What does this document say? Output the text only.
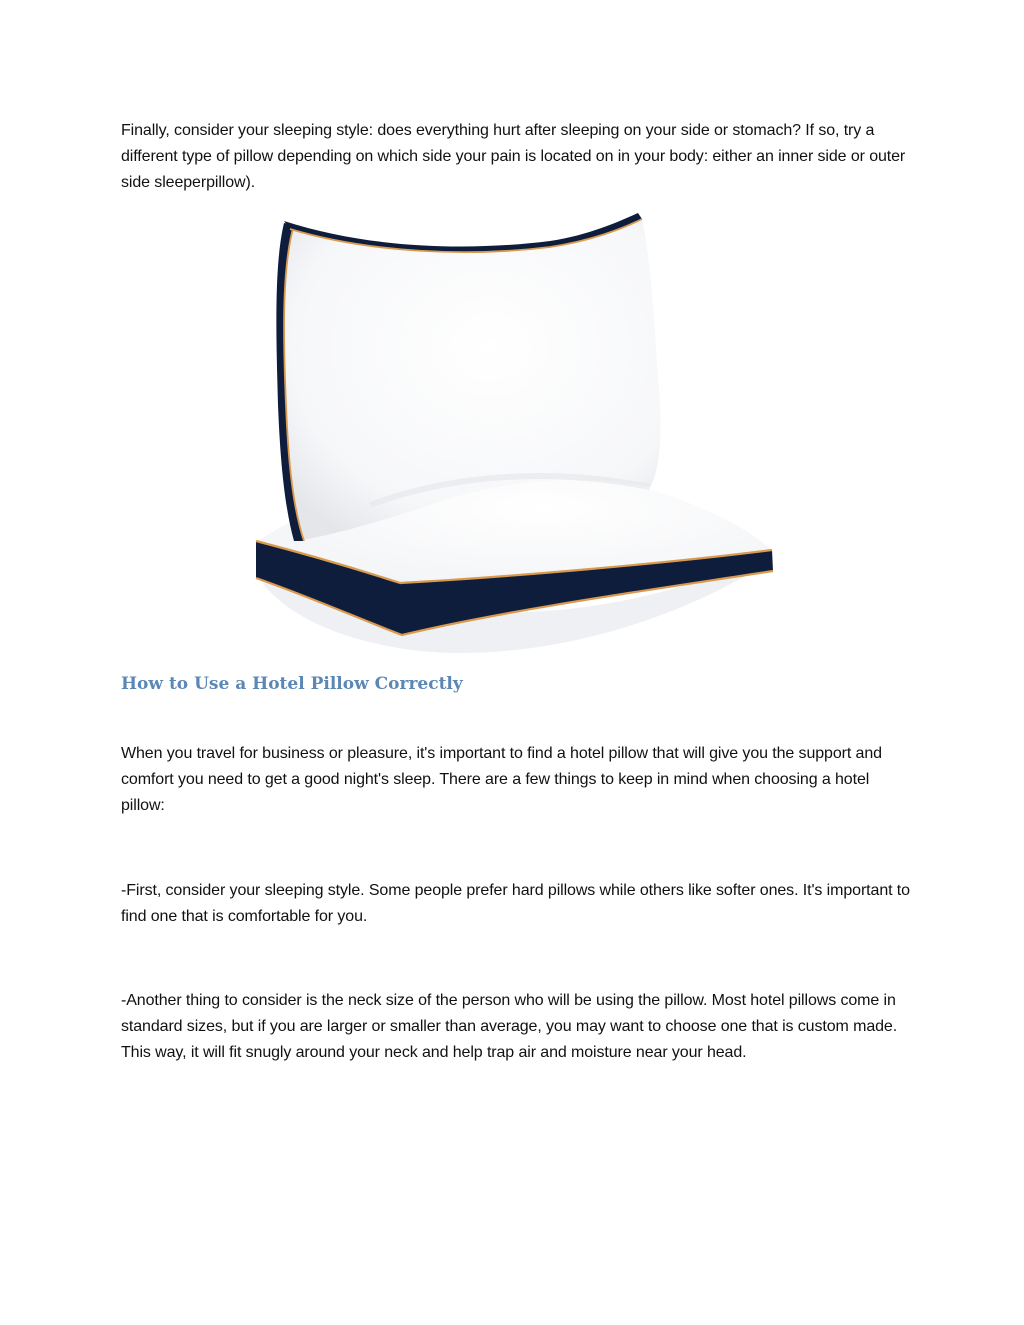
Finally, consider your sleeping style: does everything hurt after sleeping on your side or stomach? If so, try a different type of pillow depending on which side your pain is located on in your body: either an inner side or outer side sleeperpillow).

How to Use a Hotel Pillow Correctly

When you travel for business or pleasure, it's important to find a hotel pillow that will give you the support and comfort you need to get a good night's sleep. There are a few things to keep in mind when choosing a hotel pillow:

-First, consider your sleeping style. Some people prefer hard pillows while others like softer ones. It's important to find one that is comfortable for you.

-Another thing to consider is the neck size of the person who will be using the pillow. Most hotel pillows come in standard sizes, but if you are larger or smaller than average, you may want to choose one that is custom made. This way, it will fit snugly around your neck and help trap air and moisture near your head.
